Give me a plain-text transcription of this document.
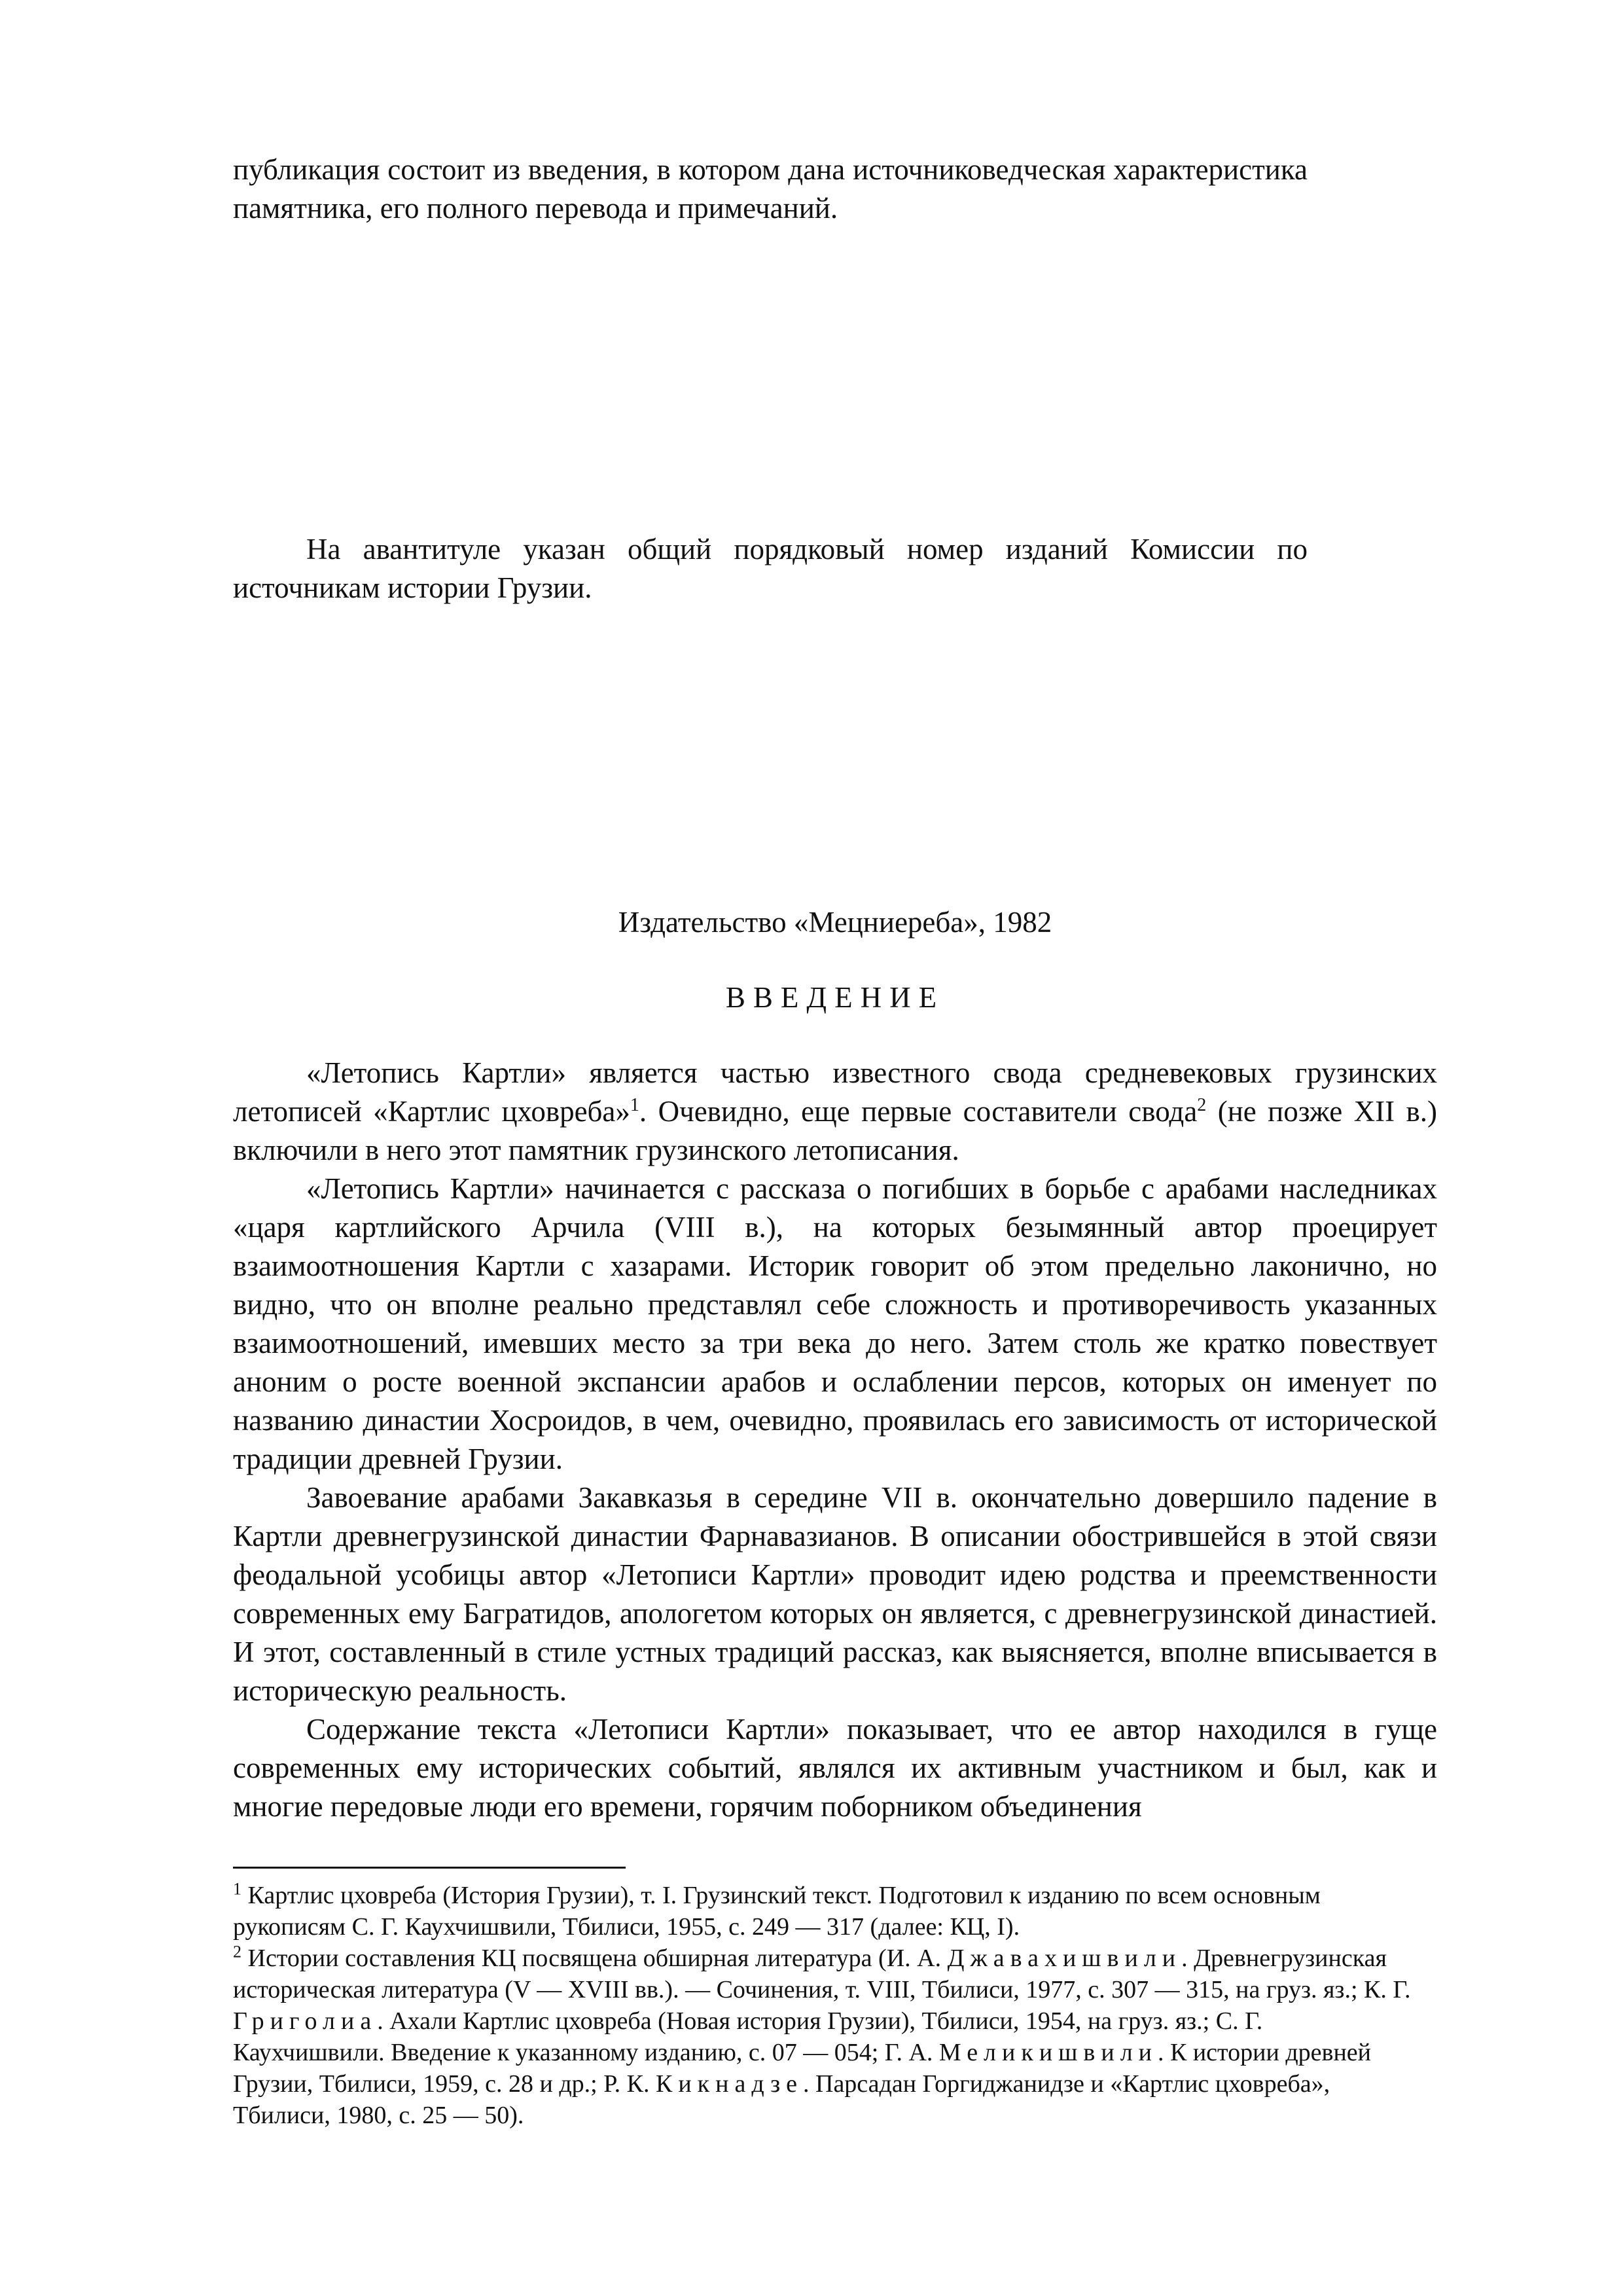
публикация состоит из введения, в котором дана источниковедческая характеристика памятника, его полного перевода и примечаний.
На авантитуле указан общий порядковый номер изданий Комиссии по источникам истории Грузии.
Издательство «Мецниереба», 1982
ВВЕДЕНИЕ

«Летопись Картли» является частью известного свода средневековых грузинских летописей «Картлис цховреба»$^1$. Очевидно, еще первые составители свода$^2$ (не позже XII в.) включили в него этот памятник грузинского летописания.

«Летопись Картли» начинается с рассказа о погибших в борьбе с арабами наследниках «царя картлийского Арчила (VIII в.), на которых безымянный автор проецирует взаимоотношения Картли с хазарами. Историк говорит об этом предельно лаконично, но видно, что он вполне реально представлял себе сложность и противоречивость указанных взаимоотношений, имевших место за три века до него. Затем столь же кратко повествует аноним о росте военной экспансии арабов и ослаблении персов, которых он именует по названию династии Хосроидов, в чем, очевидно, проявилась его зависимость от исторической традиции древней Грузии.

Завоевание арабами Закавказья в середине VII в. окончательно довершило падение в Картли древнегрузинской династии Фарнавазианов. В описании обострившейся в этой связи феодальной усобицы автор «Летописи Картли» проводит идею родства и преемственности современных ему Багратидов, апологетом которых он является, с древнегрузинской династией. И этот, составленный в стиле устных традиций рассказ, как выясняется, вполне вписывается в историческую реальность.

Содержание текста «Летописи Картли» показывает, что ее автор находился в гуще современных ему исторических событий, являлся их активным участником и был, как и многие передовые люди его времени, горячим поборником объединения

$^1$ Картлис цховреба (История Грузии), т. I. Грузинский текст. Подготовил к изданию по всем основным рукописям С. Г. Каухчишвили, Тбилиси, 1955, с. 249 — 317 (далее: КЦ, I).

$^2$ Истории составления КЦ посвящена обширная литература (И. А. Джавахишвили. Древнегрузинская историческая литература (V — XVIII вв.). — Сочинения, т. VIII, Тбилиси, 1977, с. 307 — 315, на груз. яз.; К. Г. Григолиа. Ахали Картлис цховреба (Новая история Грузии), Тбилиси, 1954, на груз. яз.; С. Г. Каухчишвили. Введение к указанному изданию, с. 07 — 054; Г. А. Меликишвили. К истории древней Грузии, Тбилиси, 1959, с. 28 и др.; Р. К. Кикнадзе. Парсадан Горгиджанидзе и «Картлис цховреба», Тбилиси, 1980, с. 25 — 50).
